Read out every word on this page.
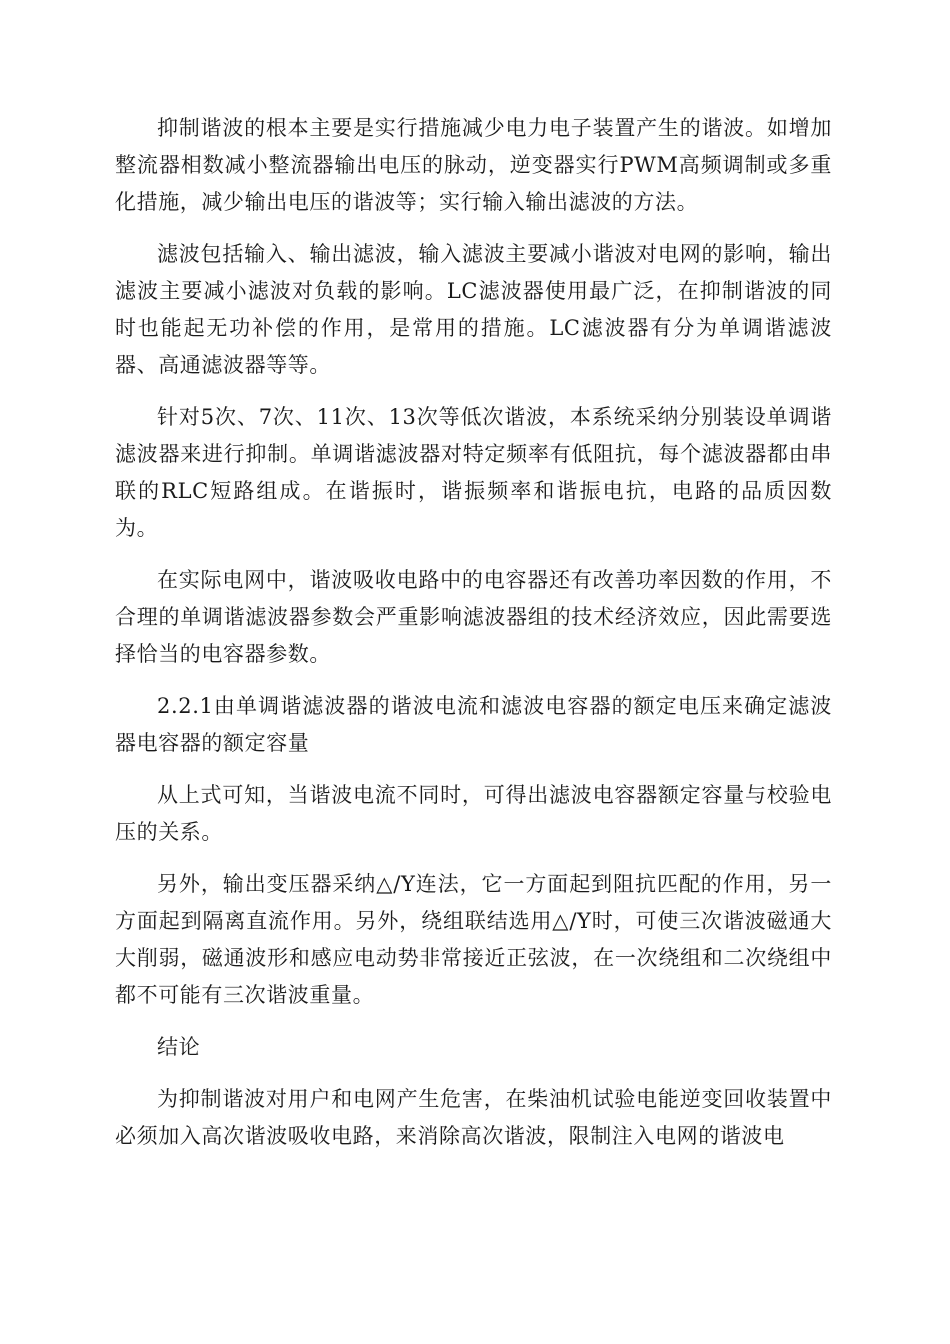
抑制谐波的根本主要是实行措施减少电力电子装置产生的谐波。如增加整流器相数减小整流器输出电压的脉动，逆变器实行PWM高频调制或多重化措施，减少输出电压的谐波等；实行输入输出滤波的方法。

滤波包括输入、输出滤波，输入滤波主要减小谐波对电网的影响，输出滤波主要减小滤波对负载的影响。LC滤波器使用最广泛，在抑制谐波的同时也能起无功补偿的作用，是常用的措施。LC滤波器有分为单调谐滤波器、高通滤波器等等。

针对5次、7次、11次、13次等低次谐波，本系统采纳分别装设单调谐滤波器来进行抑制。单调谐滤波器对特定频率有低阻抗，每个滤波器都由串联的RLC短路组成。在谐振时，谐振频率和谐振电抗，电路的品质因数为。

在实际电网中，谐波吸收电路中的电容器还有改善功率因数的作用，不合理的单调谐滤波器参数会严重影响滤波器组的技术经济效应，因此需要选择恰当的电容器参数。

2.2.1由单调谐滤波器的谐波电流和滤波电容器的额定电压来确定滤波器电容器的额定容量

从上式可知，当谐波电流不同时，可得出滤波电容器额定容量与校验电压的关系。

另外，输出变压器采纳△/Y连法，它一方面起到阻抗匹配的作用，另一方面起到隔离直流作用。另外，绕组联结选用△/Y时，可使三次谐波磁通大大削弱，磁通波形和感应电动势非常接近正弦波，在一次绕组和二次绕组中都不可能有三次谐波重量。

结论

为抑制谐波对用户和电网产生危害，在柴油机试验电能逆变回收装置中必须加入高次谐波吸收电路，来消除高次谐波，限制注入电网的谐波电
